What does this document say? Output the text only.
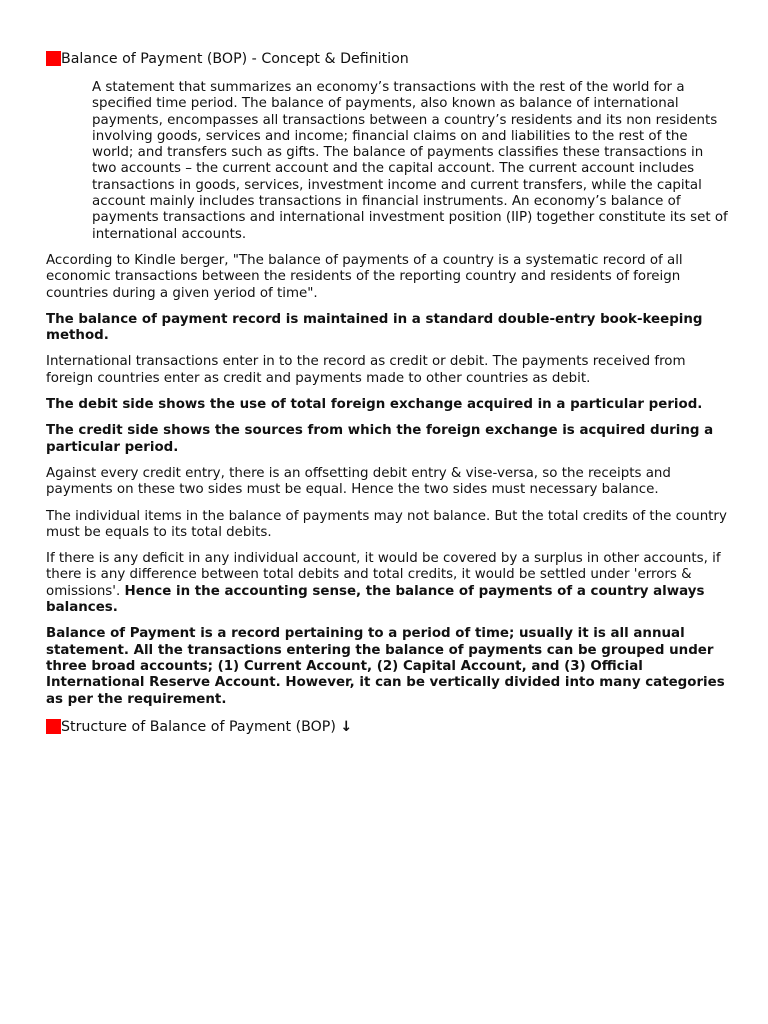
Balance of Payment (BOP) - Concept & Definition
A statement that summarizes an economy’s transactions with the rest of the world for a specified time period. The balance of payments, also known as balance of international payments, encompasses all transactions between a country’s residents and its non residents involving goods, services and income; financial claims on and liabilities to the rest of the world; and transfers such as gifts. The balance of payments classifies these transactions in two accounts – the current account and the capital account. The current account includes transactions in goods, services, investment income and current transfers, while the capital account mainly includes transactions in financial instruments. An economy’s balance of payments transactions and international investment position (IIP) together constitute its set of international accounts.

According to Kindle berger, "The balance of payments of a country is a systematic record of all economic transactions between the residents of the reporting country and residents of foreign countries during a given yeriod of time".

The balance of payment record is maintained in a standard double-entry book-keeping method.

International transactions enter in to the record as credit or debit. The payments received from foreign countries enter as credit and payments made to other countries as debit.

The debit side shows the use of total foreign exchange acquired in a particular period.

The credit side shows the sources from which the foreign exchange is acquired during a particular period.

Against every credit entry, there is an offsetting debit entry & vise-versa, so the receipts and payments on these two sides must be equal. Hence the two sides must necessary balance.

The individual items in the balance of payments may not balance. But the total credits of the country must be equals to its total debits.

If there is any deficit in any individual account, it would be covered by a surplus in other accounts, if there is any difference between total debits and total credits, it would be settled under 'errors & omissions'. Hence in the accounting sense, the balance of payments of a country always balances.

Balance of Payment is a record pertaining to a period of time; usually it is all annual statement. All the transactions entering the balance of payments can be grouped under three broad accounts; (1) Current Account, (2) Capital Account, and (3) Official International Reserve Account. However, it can be vertically divided into many categories as per the requirement.

Structure of Balance of Payment (BOP) ↓
